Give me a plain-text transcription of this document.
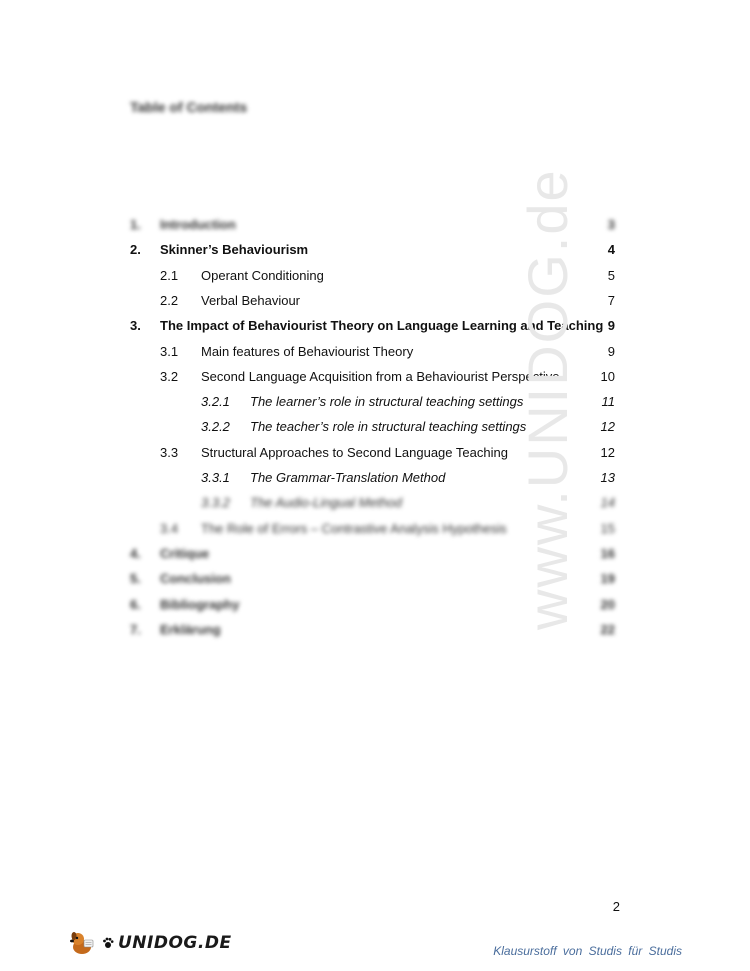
Table of Contents
1. Introduction	3
2. Skinner’s Behaviourism	4
2.1 Operant Conditioning	5
2.2 Verbal Behaviour	7
3. The Impact of Behaviourist Theory on Language Learning and Teaching 9
3.1 Main features of Behaviourist Theory	9
3.2 Second Language Acquisition from a Behaviourist Perspective	10
3.2.1 The learner’s role in structural teaching settings	11
3.2.2 The teacher’s role in structural teaching settings	12
3.3 Structural Approaches to Second Language Teaching	12
3.3.1 The Grammar-Translation Method	13
3.3.2 The Audio-Lingual Method	14
3.4 The Role of Errors – Contrastive Analysis Hypothesis	15
4. Critique	16
5. Conclusion	19
6. Bibliography	20
7. Erklärung	22
www.UNIDOG.de
2
UNIDOG.DE	Klausurstoff von Studis für Studis
